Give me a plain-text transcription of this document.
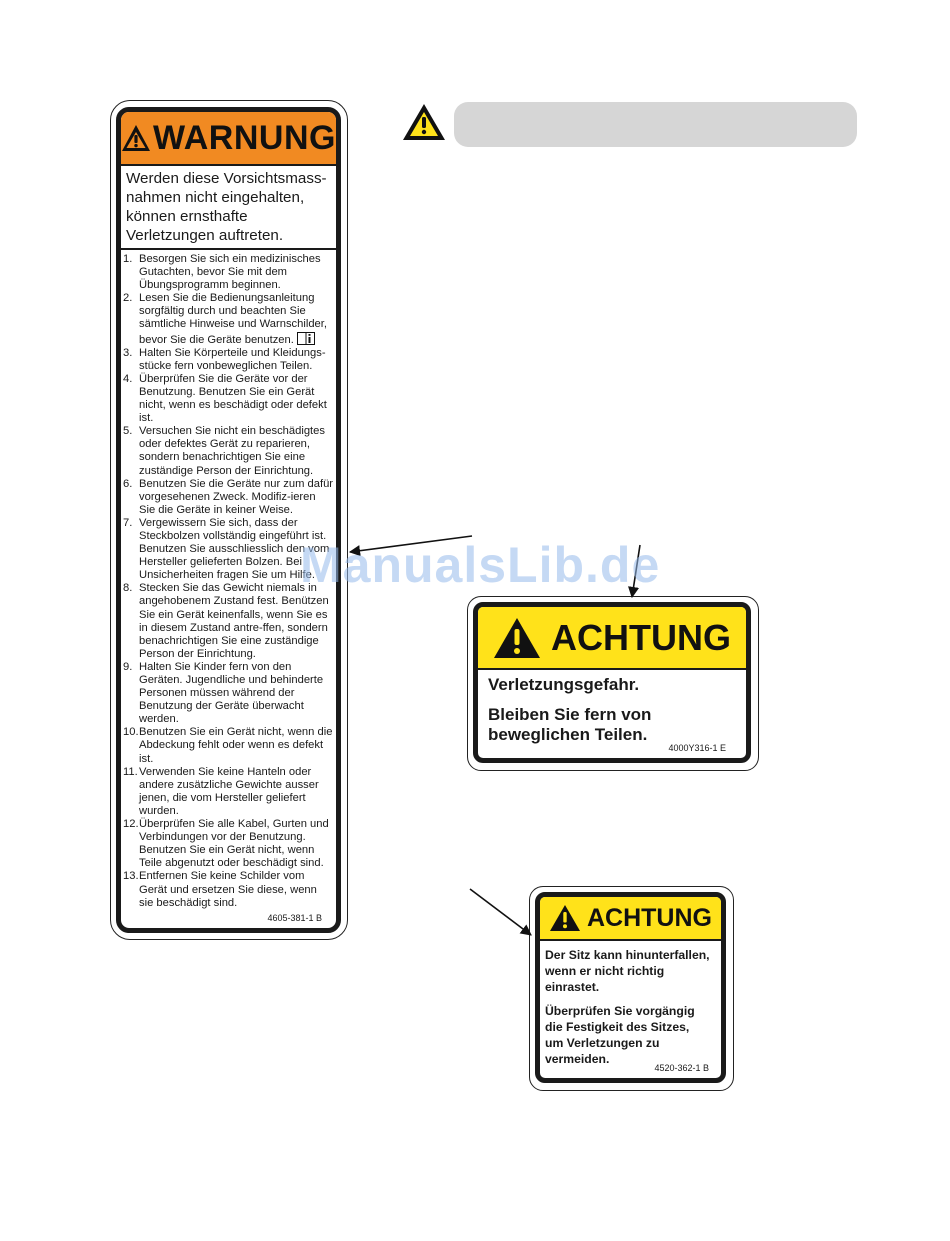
WARNUNG
Werden diese Vorsichtsmass-nahmen nicht eingehalten, können ernsthafte Verletzungen auftreten.
1. Besorgen Sie sich ein medizinisches Gutachten, bevor Sie mit dem Übungsprogramm beginnen.
2. Lesen Sie die Bedienungsanleitung sorgfältig durch und beachten Sie sämtliche Hinweise und Warnschilder, bevor Sie die Geräte benutzen.
3. Halten Sie Körperteile und Kleidungs-stücke fern vonbeweglichen Teilen.
4. Überprüfen Sie die Geräte vor der Benutzung. Benutzen Sie ein Gerät nicht, wenn es beschädigt oder defekt ist.
5. Versuchen Sie nicht ein beschädigtes oder defektes Gerät zu reparieren, sondern benachrichtigen Sie eine zuständige Person der Einrichtung.
6. Benutzen Sie die Geräte nur zum dafür vorgesehenen Zweck. Modifiz-ieren Sie die Geräte in keiner Weise.
7. Vergewissern Sie sich, dass der Steckbolzen vollständig eingeführt ist. Benutzen Sie ausschliesslich den vom Hersteller gelieferten Bolzen. Bei Unsicherheiten fragen Sie um Hilfe.
8. Stecken Sie das Gewicht niemals in angehobenem Zustand fest. Benützen Sie ein Gerät keinenfalls, wenn Sie es in diesem Zustand antre-ffen, sondern benachrichtigen Sie eine zuständige Person der Einrichtung.
9. Halten Sie Kinder fern von den Geräten. Jugendliche und behinderte Personen müssen während der Benutzung der Geräte überwacht werden.
10. Benutzen Sie ein Gerät nicht, wenn die Abdeckung fehlt oder wenn es defekt ist.
11. Verwenden Sie keine Hanteln oder andere zusätzliche Gewichte ausser jenen, die vom Hersteller geliefert wurden.
12. Überprüfen Sie alle Kabel, Gurten und Verbindungen vor der Benutzung. Benutzen Sie ein Gerät nicht, wenn Teile abgenutzt oder beschädigt sind.
13. Entfernen Sie keine Schilder vom Gerät und ersetzen Sie diese, wenn sie beschädigt sind.
4605-381-1 B
ACHTUNG

Verletzungsgefahr.

Bleiben Sie fern von beweglichen Teilen.

4000Y316-1 E
ACHTUNG

Der Sitz kann hinunterfallen, wenn er nicht richtig einrastet.

Überprüfen Sie vorgängig die Festigkeit des Sitzes, um Verletzungen zu vermeiden.

4520-362-1 B
ManualsLib.de
